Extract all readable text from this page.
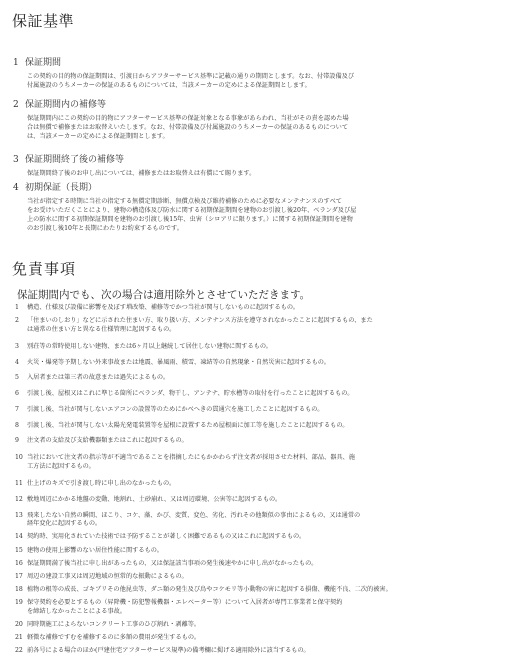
保証基準
1 保証期間
この契約の目的物の保証期間は、引渡日からアフターサービス基準に記載の通りの期間とします。なお、付帯設備及び
付属施設のうちメーカーの保証のあるものについては、当該メーカーの定めによる保証期間とします。
2 保証期間内の補修等
保証期間内にこの契約の目的物にアフターサービス基準の保証対象となる事象があらわれ、当社がその責を認めた場
合は無償で補修またはお取替えいたします。なお、付帯設備及び付属施設のうちメーカーの保証のあるものについて
は、当該メーカーの定めによる保証期間とします。
3 保証期間終了後の補修等
保証期間終了後のお申し出については、補修またはお取替えは有償にて賜ります。
4 初期保証（長期）
当社が指定する時期に当社の指定する無償定期診断、無償点検及び維持補修のために必要なメンテナンスのすべて
をお受けいただくことにより、建物の構造体及び防水に関する初期保証期間を建物のお引渡し後20年、ベランダ及び屋
上の防水に関する初期保証期間を建物のお引渡し後15年、虫害（シロアリに限ります。）に関する初期保証期間を建物
のお引渡し後10年と長期にわたりお約束するものです。
免責事項
保証期間内でも、次の場合は適用除外とさせていただきます。
1	構造、仕様及び設備に影響を及ぼす増改築、補修等でかつ当社が関与しないものに起因するもの。
2	「住まいのしおり」などに示された住まい方、取り扱い方、メンテナンス方法を遵守されなかったことに起因するもの、また
は通常の住まい方と異なる仕様管理に起因するもの。
3	別荘等の常時使用しない建物、または6ヶ月以上継続して居住しない建物に関するもの。
4	火災・爆発等予期しない外来事故または地震、暴風雨、積雪、凍結等の自然現象・自然災害に起因するもの。
5	入居者または第三者の故意または過失によるもの。
6	引渡し後、屋根又はこれに準じる箇所にベランダ、物干し、アンテナ、貯水槽等の取付を行ったことに起因するもの。
7	引渡し後、当社が関与しないエアコンの設置等のためにかべへきの貫通穴を施工したことに起因するもの。
8	引渡し後、当社が関与しない太陽光発電装置等を屋根に設置するため屋根面に加工等を施したことに起因するもの。
9	注文者の支給及び支給機器類またはこれに起因するもの。
10 当社において注文者の指示等が不適当であることを指摘したにもかかわらず注文者が採用させた材料、部品、器具、施
工方法に起因するもの。
11 仕上げのキズで引き渡し時に申し出のなかったもの。
12 敷地周辺にかかる地盤の変動、地割れ、土砂崩れ、又は周辺環境、公害等に起因するもの。
13 飛来したない自然の瞬間、ほこり、コケ、藻、かび、変質、変色、劣化、汚れその他類似の事由によるもの、又は通常の
経年変化に起因するもの。
14 契約時、実用化されていた技術では予防することが著しく困難であるもの又はこれに起因するもの。
15 建物の使用上影響のない居住性能に関するもの。
16 保証期間満了後当社に申し出があったもの、又は保証該当事項の発生後速やかに申し出がなかったもの。
17 周辺の建設工事又は周辺地域の恒常的な振動によるもの。
18 植物の根等の成長、ゴキブリその他昆虫等、ダニ類の発生及び鳥やコケモリ等小動物の害に起因する損傷、機能不良、二次的被害。
19 保守契約を必要とするもの（昇降機・防犯警報機器・エレベーター等）について入居者が専門工事業者と保守契約
を締結しなかったことによる事故。
20 同時期施工によらないコンクリート工事のひび割れ・剥離等。
21 軽微な補修ですむを補修するのに多額の費用が発生するもの。
22 前各号による場合のほか(戸建住宅アフターサービス規準)の備考欄に掲げる適用除外に該当するもの。
